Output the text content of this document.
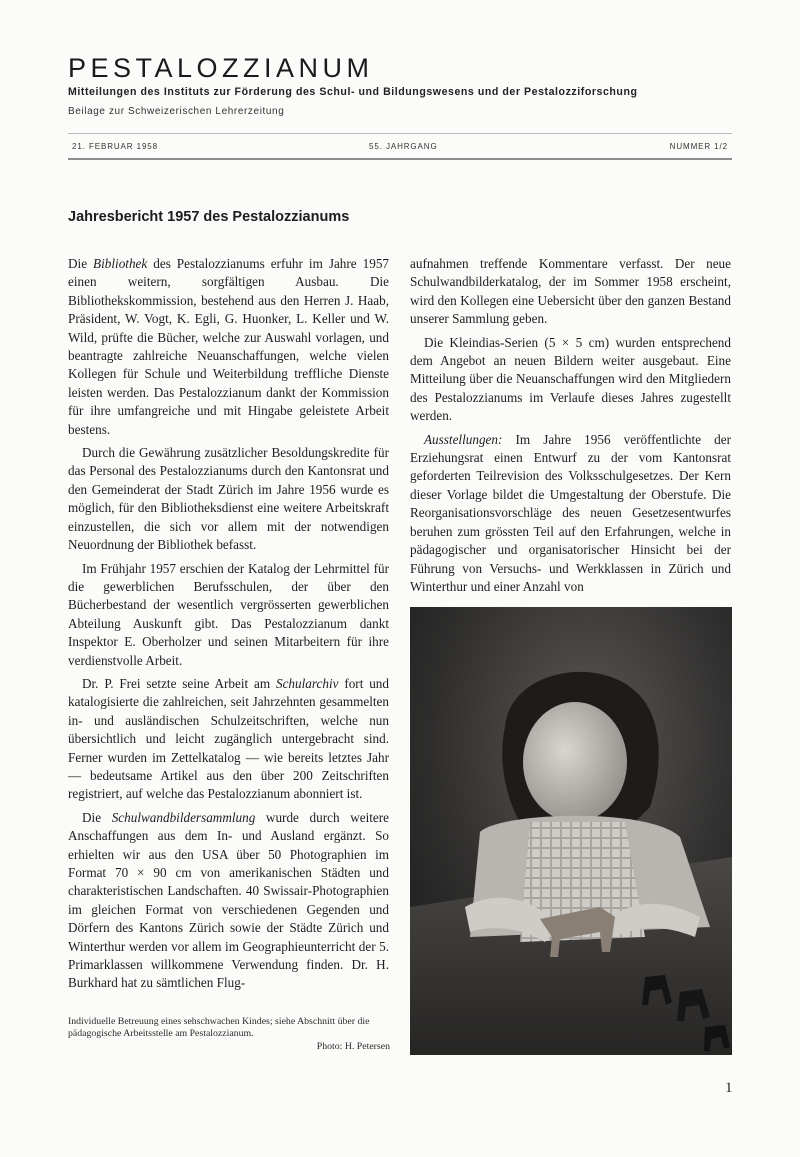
PESTALOZZIANUM
Mitteilungen des Instituts zur Förderung des Schul- und Bildungswesens und der Pestalozziforschung
Beilage zur Schweizerischen Lehrerzeitung
21. FEBRUAR 1958	55. JAHRGANG	NUMMER 1/2
Jahresbericht 1957 des Pestalozzianums

Die Bibliothek des Pestalozzianums erfuhr im Jahre 1957 einen weitern, sorgfältigen Ausbau. Die Bibliothekskommission, bestehend aus den Herren J. Haab, Präsident, W. Vogt, K. Egli, G. Huonker, L. Keller und W. Wild, prüfte die Bücher, welche zur Auswahl vorlagen, und beantragte zahlreiche Neuanschaffungen, welche vielen Kollegen für Schule und Weiterbildung treffliche Dienste leisten werden. Das Pestalozzianum dankt der Kommission für ihre umfangreiche und mit Hingabe geleistete Arbeit bestens.

Durch die Gewährung zusätzlicher Besoldungskredite für das Personal des Pestalozzianums durch den Kantonsrat und den Gemeinderat der Stadt Zürich im Jahre 1956 wurde es möglich, für den Bibliotheksdienst eine weitere Arbeitskraft einzustellen, die sich vor allem mit der notwendigen Neuordnung der Bibliothek befasst.

Im Frühjahr 1957 erschien der Katalog der Lehrmittel für die gewerblichen Berufsschulen, der über den Bücherbestand der wesentlich vergrösserten gewerblichen Abteilung Auskunft gibt. Das Pestalozzianum dankt Inspektor E. Oberholzer und seinen Mitarbeitern für ihre verdienstvolle Arbeit.

Dr. P. Frei setzte seine Arbeit am Schularchiv fort und katalogisierte die zahlreichen, seit Jahrzehnten gesammelten in- und ausländischen Schulzeitschriften, welche nun übersichtlich und leicht zugänglich untergebracht sind. Ferner wurden im Zettelkatalog — wie bereits letztes Jahr — bedeutsame Artikel aus den über 200 Zeitschriften registriert, auf welche das Pestalozzianum abonniert ist.

Die Schulwandbildersammlung wurde durch weitere Anschaffungen aus dem In- und Ausland ergänzt. So erhielten wir aus den USA über 50 Photographien im Format 70 × 90 cm von amerikanischen Städten und charakteristischen Landschaften. 40 Swissair-Photographien im gleichen Format von verschiedenen Gegenden und Dörfern des Kantons Zürich sowie der Städte Zürich und Winterthur werden vor allem im Geographieunterricht der 5. Primarklassen willkommene Verwendung finden. Dr. H. Burkhard hat zu sämtlichen Flug-

aufnahmen treffende Kommentare verfasst. Der neue Schulwandbilderkatalog, der im Sommer 1958 erscheint, wird den Kollegen eine Uebersicht über den ganzen Bestand unserer Sammlung geben.

Die Kleindias-Serien (5 × 5 cm) wurden entsprechend dem Angebot an neuen Bildern weiter ausgebaut. Eine Mitteilung über die Neuanschaffungen wird den Mitgliedern des Pestalozzianums im Verlaufe dieses Jahres zugestellt werden.

Ausstellungen: Im Jahre 1956 veröffentlichte der Erziehungsrat einen Entwurf zu der vom Kantonsrat geforderten Teilrevision des Volksschulgesetzes. Der Kern dieser Vorlage bildet die Umgestaltung der Oberstufe. Die Reorganisationsvorschläge des neuen Gesetzesentwurfes beruhen zum grössten Teil auf den Erfahrungen, welche in pädagogischer und organisatorischer Hinsicht bei der Führung von Versuchs- und Werkklassen in Zürich und Winterthur und einer Anzahl von

Individuelle Betreuung eines sehschwachen Kindes; siehe Abschnitt über die pädagogische Arbeitsstelle am Pestalozzianum.
Photo: H. Petersen
1
